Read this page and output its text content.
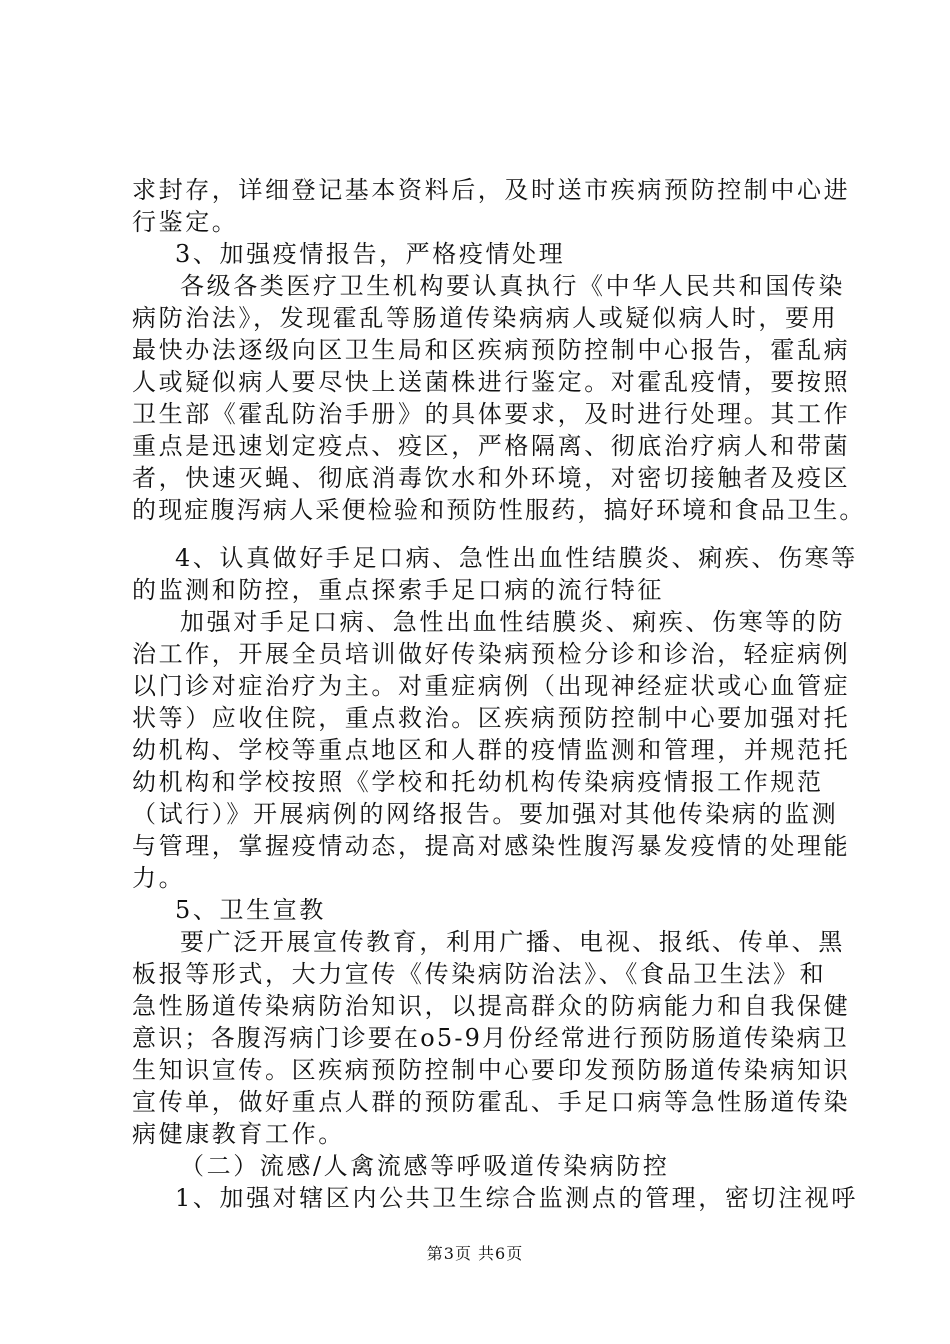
求封存，详细登记基本资料后，及时送市疾病预防控制中心进
行鉴定。
3、加强疫情报告，严格疫情处理
各级各类医疗卫生机构要认真执行《中华人民共和国传染
病防治法》，发现霍乱等肠道传染病病人或疑似病人时，要用
最快办法逐级向区卫生局和区疾病预防控制中心报告，霍乱病
人或疑似病人要尽快上送菌株进行鉴定。对霍乱疫情，要按照
卫生部《霍乱防治手册》的具体要求，及时进行处理。其工作
重点是迅速划定疫点、疫区，严格隔离、彻底治疗病人和带菌
者，快速灭蝇、彻底消毒饮水和外环境，对密切接触者及疫区
的现症腹泻病人采便检验和预防性服药，搞好环境和食品卫生。
4、认真做好手足口病、急性出血性结膜炎、痢疾、伤寒等
的监测和防控，重点探索手足口病的流行特征
加强对手足口病、急性出血性结膜炎、痢疾、伤寒等的防
治工作，开展全员培训做好传染病预检分诊和诊治，轻症病例
以门诊对症治疗为主。对重症病例（出现神经症状或心血管症
状等）应收住院，重点救治。区疾病预防控制中心要加强对托
幼机构、学校等重点地区和人群的疫情监测和管理，并规范托
幼机构和学校按照《学校和托幼机构传染病疫情报工作规范
（试行）》开展病例的网络报告。要加强对其他传染病的监测
与管理，掌握疫情动态，提高对感染性腹泻暴发疫情的处理能
力。
5、卫生宣教
要广泛开展宣传教育，利用广播、电视、报纸、传单、黑
板报等形式，大力宣传《传染病防治法》、《食品卫生法》和
急性肠道传染病防治知识，以提高群众的防病能力和自我保健
意识；各腹泻病门诊要在o5-9月份经常进行预防肠道传染病卫
生知识宣传。区疾病预防控制中心要印发预防肠道传染病知识
宣传单，做好重点人群的预防霍乱、手足口病等急性肠道传染
病健康教育工作。
（二）流感/人禽流感等呼吸道传染病防控
1、加强对辖区内公共卫生综合监测点的管理，密切注视呼
第3页 共6页
